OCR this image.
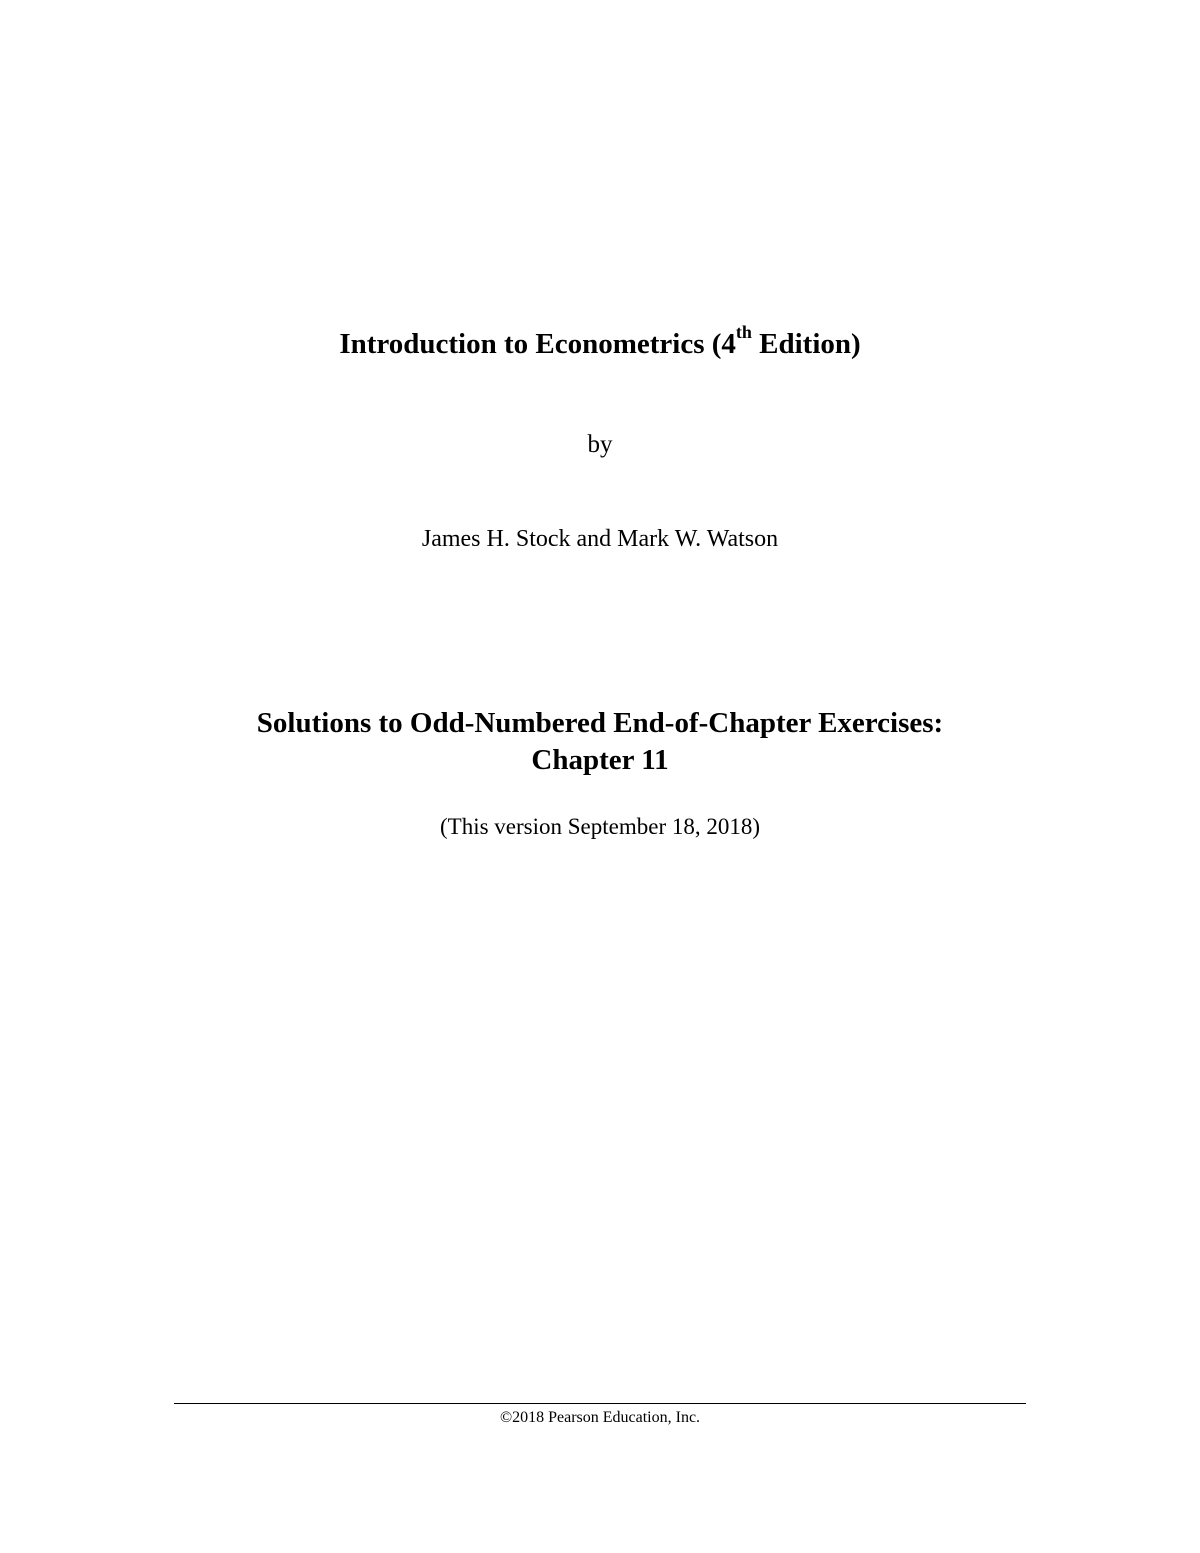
Introduction to Econometrics (4th Edition)
by
James H. Stock and Mark W. Watson
Solutions to Odd-Numbered End-of-Chapter Exercises:
Chapter 11
(This version September 18, 2018)
©2018 Pearson Education, Inc.
